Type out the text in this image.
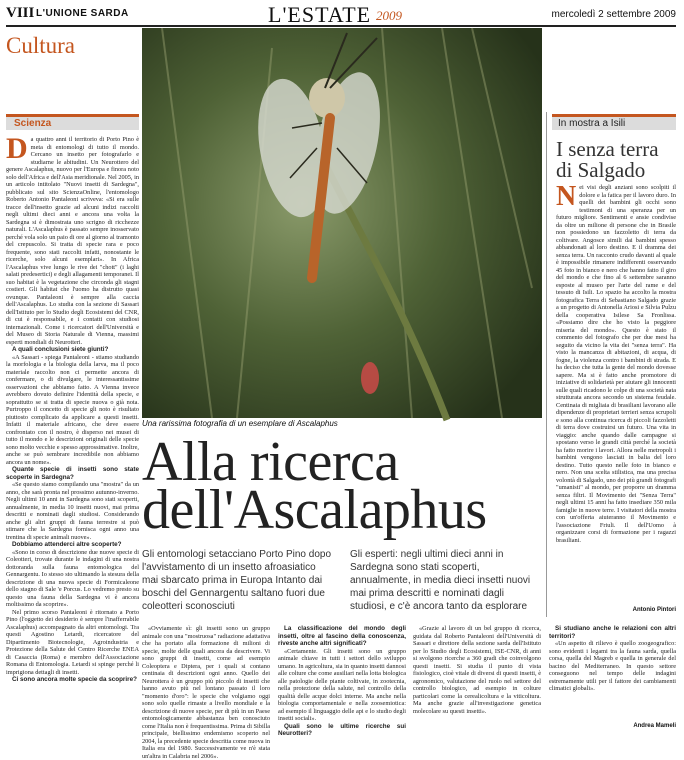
VIII L'UNIONE SARDA	L'ESTATE 2009	mercoledì 2 settembre 2009
Cultura
Una rarissima fotografia di un esemplare di Ascalaphus
Scienza
D a quattro anni il territorio di Porto Pino è meta di entomologi di tutto il mondo. Cercano un insetto per fotografarlo e studiarne le abitudini. Un Neurottero del genere Ascalaphus, nuovo per l'Europa e finora noto solo dell'Africa e dell'Asia meridionale. Nel 2005, in un articolo intitolato "Nuovi insetti di Sardegna", pubblicato sul sito ScienzaOnline, l'entomologo Roberto Antonio Pantaleoni scriveva: «Si era sulle tracce dell'insetto grazie ad alcuni indizi raccolti negli ultimi dieci anni e ancora una volta la Sardegna si è dimostrata uno scrigno di ricchezze naturali. L'Ascalaphus è passato sempre inosservato perché vola solo un paio di ore al giorno al tramonto del crepuscolo. Si tratta di specie rara e poco frequente, sono stati raccolti infatti, nonostante le ricerche, solo alcuni esemplari». In Africa l'Ascalaphus vive lungo le rive dei "chott" (i laghi salati predesertici) e degli allagamenti temporanei. Il suo habitat è la vegetazione che circonda gli stagni costieri. Gli habitat che l'uomo ha distrutto quasi ovunque. Pantaleoni è sempre alla caccia dell'Ascalaphus. Lo studia con la sezione di Sassari dell'Istituto per lo Studio degli Ecosistemi del CNR, di cui è responsabile, e i contatti con studiosi internazionali. Come i ricercatori dell'Università e del Museo di Storia Naturale di Vienna, massimi esperti mondiali di Neurotteri.

A quali conclusioni siete giunti?

«A Sassari - spiega Pantaleoni - stiamo studiando la morfologia e la biologia della larva, ma il poco materiale raccolto non ci permette ancora di confermare, o di divulgare, le interessantissime osservazioni che abbiamo fatto. A Vienna invece avrebbero dovuto definire l'identità della specie, e soprattutto se si tratta di specie nuova o già nota. Purtroppo il concetto di specie gli noto è risultato piuttosto complicato da applicare a questi insetti. Infatti il materiale africano, che deve essere confrontato con il nostro, è disperso nei musei di tutto il mondo e le descrizioni originali delle specie sono molto vecchie e spesso approssimative. Inoltre, anche se può sembrare incredibile non abbiamo ancora un nome».

Quante specie di insetti sono state scoperte in Sardegna?

«Se questo siamo compilando una "mostra" da un anno, che sarà pronta nel prossimo autunno-inverno. Negli ultimi 10 anni in Sardegna sono stati scoperti, annualmente, in media 10 insetti nuovi, mai prima descritti e nominati dagli studiosi. Considerando anche gli altri gruppi di fauna terrestre si può stimare che la Sardegna fornisca ogni anno una trentina di specie animali nuove».

Dobbiamo attenderci altre scoperte?

«Sono in corso di descrizione due nuove specie di Coleotteri, trovate durante le indagini di una nostra dottoranda sulla fauna entomologica del Gennargentu. Io stesso sto ultimando la stesura della descrizione di una nuova specie di Formicaleone dello stagno di Sale 'e Porcus. Lo vedremo presto su questo una fauna della Sardegna vi è ancora moltissimo da scoprire».

Nel primo scorso Pantaleoni è ritornato a Porto Pino (l'oggetto dei desiderio è sempre l'inafferrabile Ascalaphus) accompagnato da altri entomologi. Tra questi Agostino Letardi, ricercatore del Dipartimento Biotecnologie, Agroindustria e Protezione della Salute del Centro Ricerche ENEA di Casaccia (Roma) e membro dell'Associazione Romana di Entomologia. Letardi si spinge perché li imprigiona dettagli di insetti.

Ci sono ancora molte specie da scoprire?

Alla ricerca
dell'Ascalaphus
Gli entomologi setacciano Porto Pino dopo l'avvistamento di un insetto afroasiatico mai sbarcato prima in Europa Intanto dai boschi del Gennargentu saltano fuori due coleotteri sconosciuti
Gli esperti: negli ultimi dieci anni in Sardegna sono stati scoperti, annualmente, in media dieci insetti nuovi mai prima descritti e nominati dagli studiosi, e c'è ancora tanto da esplorare

«Ovviamente sì: gli insetti sono un gruppo animale con una "mostruosa" radiazione adattativa che ha portato alla formazione di milioni di specie, molte delle quali ancora da descrivere. Vi sono gruppi di insetti, come ad esempio Coleoptera e Diptera, per i quali si contano centinaia di descrizioni ogni anno. Quello dei Neurottera è un gruppo più piccolo di insetti che hanno avuto più nel lontano passato il loro "momento d'oro": le specie che volgiamo oggi sono solo quelle rimaste a livello mondiale e la descrizione di nuove specie, per di più in un Paese entomologicamente abbastanza ben conosciuto come l'Italia non è frequentissima. Prima di Sibilla principale, biellissimo endemismo scoperto nel 2004, la precedente specie descritta come nuova in Italia era del 1980. Successivamente ve n'è stata un'altra in Calabria nel 2006».

La classificazione del mondo degli insetti, oltre al fascino della conoscenza, riveste anche altri significati?

«Certamente. Gli insetti sono un gruppo animale chiave in tutti i settori dello sviluppo umano. In agricoltura, sia in quanto insetti dannosi alle colture che come ausiliari nella lotta biologica alle patologie delle piante coltivate, in zootecnia, nella protezione della salute, nel controllo della qualità delle acque dolci interne. Ma anche nella biologia comportamentale e nella zoosemiotica: ad esempio il linguaggio delle api e lo studio degli insetti sociali».

Quali sono le ultime ricerche sui Neurotteri?

«Grazie al lavoro di un bel gruppo di ricerca, guidata dal Roberto Pantaleoni dell'Università di Sassari e direttore della sezione sarda dell'Istituto per lo Studio degli Ecosistemi, ISE-CNR, di anni si svolgono ricerche a 360 gradi che coinvolgono questi insetti. Si studia il punto di vista fisiologico, cioè vitale di diversi di questi insetti, è agronomico, valutazione del ruolo nel settore del controllo biologico, ad esempio in colture particolari come la cerealicoltura e la viticoltura. Ma anche grazie all'investigazione genetica molecolare su questi insetti».

Si studiano anche le relazioni con altri territori?

«Un aspetto di rilievo è quello zoogeografico: sono evidenti i legami tra la fauna sarda, quella corsa, quella del Magreb e quella in generale del bacino del Mediterraneo. In questo settore conseguono nel tempo delle indagini estremamente utili per il fattore dei cambiamenti climatici globali».

Andrea Mameli
In mostra a Isili
I senza terra di Salgado
N ei visi degli anziani sono scolpiti il dolore e la fatica per il lavoro duro. In quelli dei bambini gli occhi sono testimoni di una speranza per un futuro migliore. Sentimenti e ansie condivise da oltre un milione di persone che in Brasile non possiedono un fazzoletto di terra da coltivare. Angosce simili dai bambini spesso abbandonati al loro destino. E il dramma dei senza terra. Un racconto crudo davanti al quale è impossibile rimanere indifferenti osservando 45 foto in bianco e nero che hanno fatto il giro del mondo e che fino al 6 settembre saranno esposte al museo per l'arte del rame e del tessuto di Isili. Lo spazio ha accolto la mostra fotografica Terra di Sebastiano Salgado grazie a un progetto di Antonella Ariosi e Silvia Pulzu della cooperativa Isilese Sa Fronlissa. «Possiamo dire che ho visto la peggiore miseria del mondo». Questo è stato il commento del fotografo che per due mesi ha seguito da vicino la vita dei "senza terra". Ha visto la mancanza di abitazioni, di acqua, di fogne, la violenza contro i bambini di strada. E ha deciso che tutta la gente del mondo dovesse sapere. Ma si è fatto anche promotore di iniziative di solidarietà per aiutare gli innocenti sulle quali ricadono le colpe di una società nata strutturata ancora secondo un sistema feudale. Centinaia di migliaia di brasiliani lavorano alle dipendenze di proprietari terrieri senza scrupoli e sono alla continua ricerca di piccoli fazzoletti di terra dove costruirsi un futuro. Una vita in viaggio: anche quando dalle campagne si spostano verso le grandi città perché la società ha fatto morire i lavori. Allora nelle metropoli i bambini vengono lasciati in balia del loro destino. Tutto questo nelle foto in bianco e nero. Non una scelta stilistica, ma una precisa volontà di Salgado, uno dei più grandi fotografi "umanisti" al mondo, per proporre un dramma senza filtri. Il Movimento dei "Senza Terra" negli ultimi 15 anni ha fatto insediare 350 mila famiglie in nuove terre. I visitatori della mostra con un'offerta aiuteranno il Movimento e l'associazione Friuli. Il dell'Uomo à organizzare corsi di formazione per i ragazzi brasiliani.
Antonio Pintori
